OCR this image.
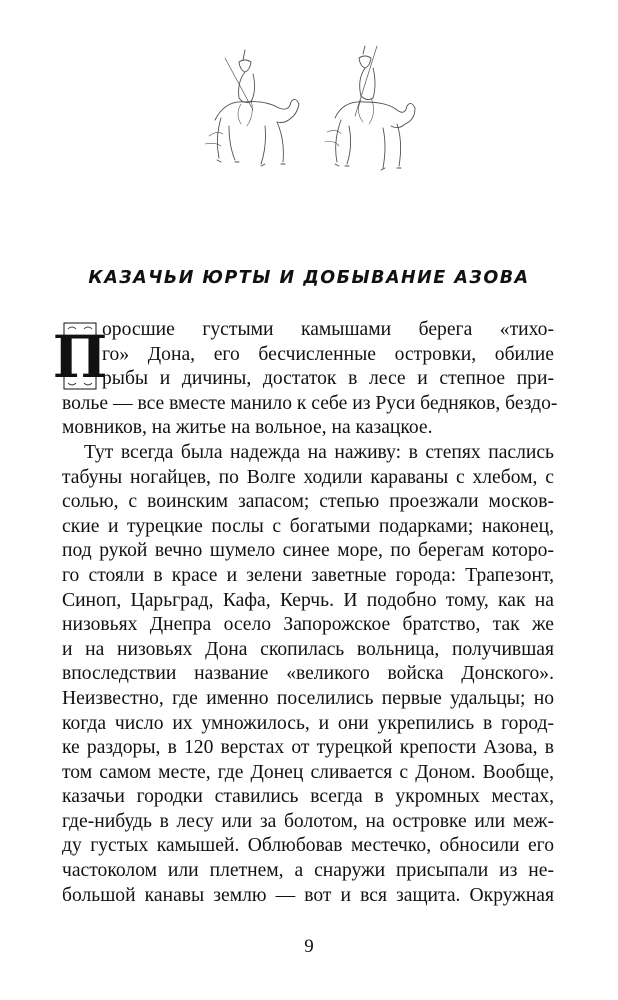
КАЗАЧЬИ ЮРТЫ И ДОБЫВАНИЕ АЗОВА
П
оросшие густыми камышами берега «тихо-
го» Дона, его бесчисленные островки, обилие
рыбы и дичины, достаток в лесе и степное при-
волье — все вместе манило к себе из Руси бедняков, бездо-
мовников, на житье на вольное, на казацкое.
Тут всегда была надежда на наживу: в степях паслись
табуны ногайцев, по Волге ходили караваны с хлебом, с
солью, с воинским запасом; степью проезжали москов-
ские и турецкие послы с богатыми подарками; наконец,
под рукой вечно шумело синее море, по берегам которо-
го стояли в красе и зелени заветные города: Трапезонт,
Синоп, Царьград, Кафа, Керчь. И подобно тому, как на
низовьях Днепра осело Запорожское братство, так же
и на низовьях Дона скопилась вольница, получившая
впоследствии название «великого войска Донского».
Неизвестно, где именно поселились первые удальцы; но
когда число их умножилось, и они укрепились в город-
ке раздоры, в 120 верстах от турецкой крепости Азова, в
том самом месте, где Донец сливается с Доном. Вообще,
казачьи городки ставились всегда в укромных местах,
где-нибудь в лесу или за болотом, на островке или меж-
ду густых камышей. Облюбовав местечко, обносили его
частоколом или плетнем, а снаружи присыпали из не-
большой канавы землю — вот и вся защита. Окружная
9
